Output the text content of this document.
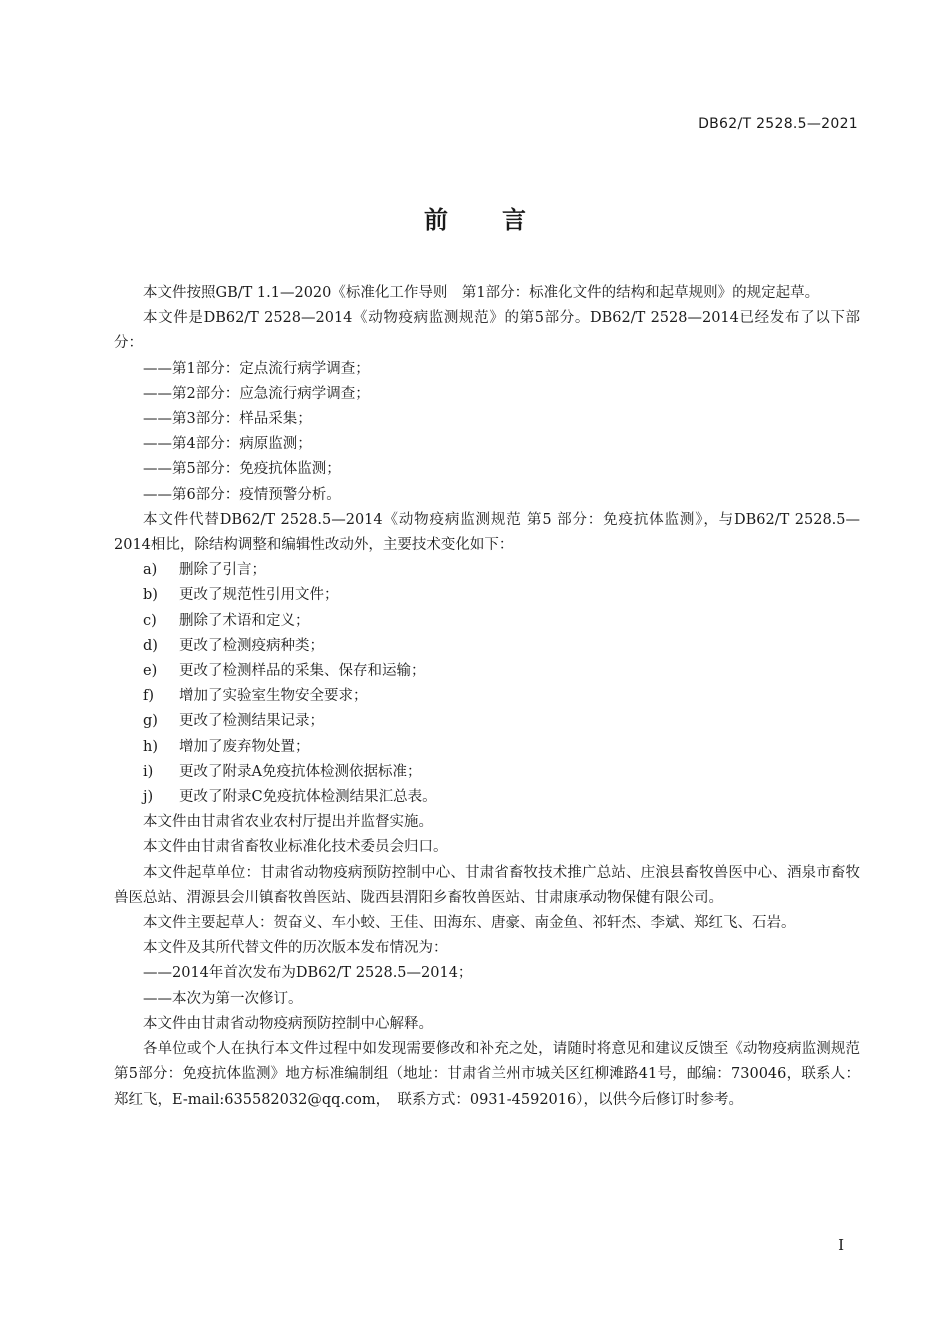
DB62/T 2528.5—2021
前言

本文件按照GB/T 1.1—2020《标准化工作导则　第1部分：标准化文件的结构和起草规则》的规定起草。

本文件是DB62/T 2528—2014《动物疫病监测规范》的第5部分。DB62/T 2528—2014已经发布了以下部分：

——第1部分：定点流行病学调查；

——第2部分：应急流行病学调查；

——第3部分：样品采集；

——第4部分：病原监测；

——第5部分：免疫抗体监测；

——第6部分：疫情预警分析。

本文件代替DB62/T 2528.5—2014《动物疫病监测规范 第5 部分：免疫抗体监测》，与DB62/T 2528.5—2014相比，除结构调整和编辑性改动外，主要技术变化如下：

a)	删除了引言；

b)	更改了规范性引用文件；

c)	删除了术语和定义；

d)	更改了检测疫病种类；

e)	更改了检测样品的采集、保存和运输；

f)	增加了实验室生物安全要求；

g)	更改了检测结果记录；

h)	增加了废弃物处置；

i)	更改了附录A免疫抗体检测依据标准；

j)	更改了附录C免疫抗体检测结果汇总表。

本文件由甘肃省农业农村厅提出并监督实施。

本文件由甘肃省畜牧业标准化技术委员会归口。

本文件起草单位：甘肃省动物疫病预防控制中心、甘肃省畜牧技术推广总站、庄浪县畜牧兽医中心、酒泉市畜牧兽医总站、渭源县会川镇畜牧兽医站、陇西县渭阳乡畜牧兽医站、甘肃康承动物保健有限公司。

本文件主要起草人：贺奋义、车小蛟、王佳、田海东、唐豪、南金鱼、祁轩杰、李斌、郑红飞、石岩。

本文件及其所代替文件的历次版本发布情况为：

——2014年首次发布为DB62/T 2528.5—2014；

——本次为第一次修订。

本文件由甘肃省动物疫病预防控制中心解释。

各单位或个人在执行本文件过程中如发现需要修改和补充之处，请随时将意见和建议反馈至《动物疫病监测规范第5部分：免疫抗体监测》地方标准编制组（地址：甘肃省兰州市城关区红柳滩路41号，邮编：730046，联系人：郑红飞，E-mail:635582032@qq.com，　联系方式：0931-4592016），以供今后修订时参考。

I
